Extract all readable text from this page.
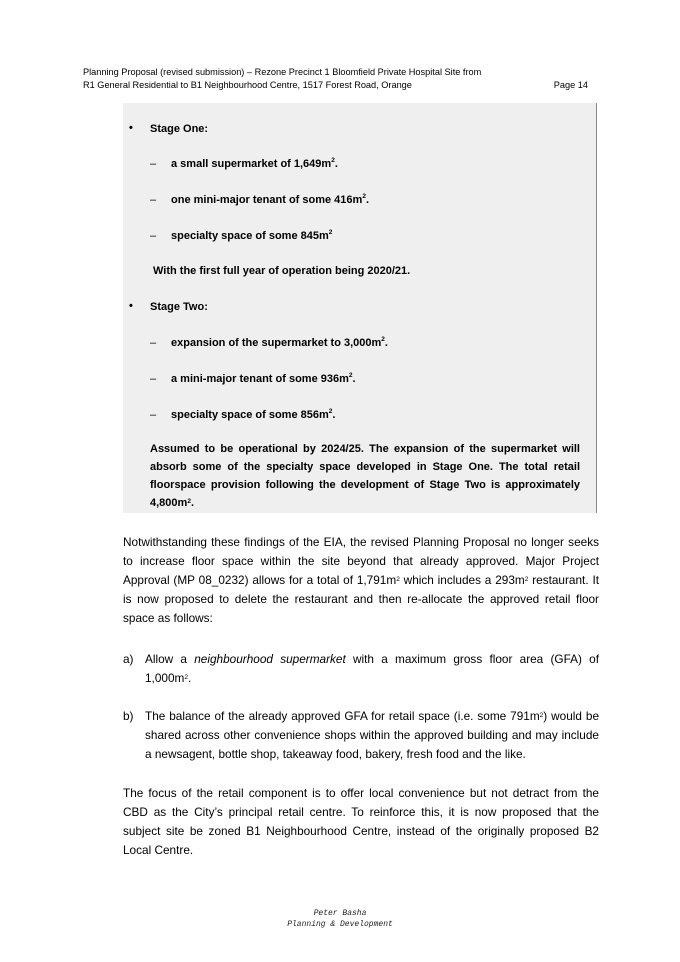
Planning Proposal (revised submission) – Rezone Precinct 1 Bloomfield Private Hospital Site from
R1 General Residential to B1 Neighbourhood Centre, 1517 Forest Road, Orange	Page 14
• Stage One:
– a small supermarket of $1,649m^2$.
– one mini-major tenant of some $416m^2$.
– specialty space of some $845m^2$
With the first full year of operation being 2020/21.
• Stage Two:
– expansion of the supermarket to $3,000m^2$.
– a mini-major tenant of some $936m^2$.
– specialty space of some $856m^2$.
Assumed to be operational by 2024/25. The expansion of the supermarket will absorb some of the specialty space developed in Stage One. The total retail floorspace provision following the development of Stage Two is approximately $4,800m^2$.
Notwithstanding these findings of the EIA, the revised Planning Proposal no longer seeks to increase floor space within the site beyond that already approved. Major Project Approval (MP 08_0232) allows for a total of $1,791m^2$ which includes a $293m^2$ restaurant. It is now proposed to delete the restaurant and then re-allocate the approved retail floor space as follows:
a) Allow a neighbourhood supermarket with a maximum gross floor area (GFA) of $1,000m^2$.
b) The balance of the already approved GFA for retail space (i.e. some $791m^2$) would be shared across other convenience shops within the approved building and may include a newsagent, bottle shop, takeaway food, bakery, fresh food and the like.
The focus of the retail component is to offer local convenience but not detract from the CBD as the City’s principal retail centre. To reinforce this, it is now proposed that the subject site be zoned B1 Neighbourhood Centre, instead of the originally proposed B2 Local Centre.
Peter Basha
Planning & Development
